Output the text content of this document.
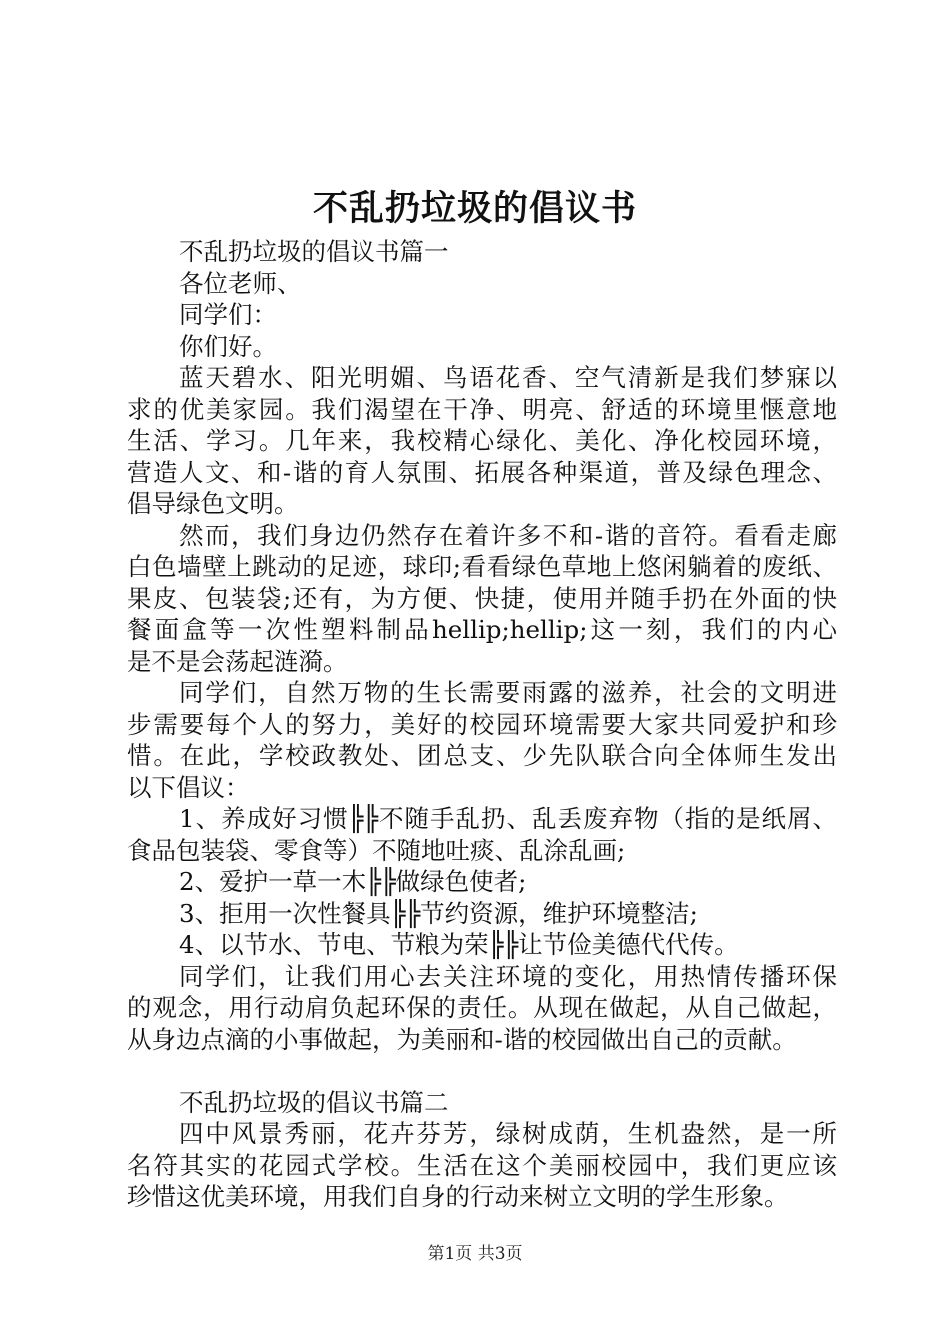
不乱扔垃圾的倡议书
不乱扔垃圾的倡议书篇一
各位老师、
同学们：
你们好。
蓝天碧水、阳光明媚、鸟语花香、空气清新是我们梦寐以
求的优美家园。我们渴望在干净、明亮、舒适的环境里惬意地
生活、学习。几年来，我校精心绿化、美化、净化校园环境，
营造人文、和-谐的育人氛围、拓展各种渠道，普及绿色理念、
倡导绿色文明。
然而，我们身边仍然存在着许多不和-谐的音符。看看走廊
白色墙壁上跳动的足迹，球印;看看绿色草地上悠闲躺着的废纸、
果皮、包装袋;还有，为方便、快捷，使用并随手扔在外面的快
餐面盒等一次性塑料制品hellip;hellip;这一刻，我们的内心
是不是会荡起涟漪。
同学们，自然万物的生长需要雨露的滋养，社会的文明进
步需要每个人的努力，美好的校园环境需要大家共同爱护和珍
惜。在此，学校政教处、团总支、少先队联合向全体师生发出
以下倡议：
1、养成好习惯╠╠不随手乱扔、乱丢废弃物（指的是纸屑、
食品包装袋、零食等）不随地吐痰、乱涂乱画;
2、爱护一草一木╠╠做绿色使者;
3、拒用一次性餐具╠╠节约资源，维护环境整洁;
4、以节水、节电、节粮为荣╠╠让节俭美德代代传。
同学们，让我们用心去关注环境的变化，用热情传播环保
的观念，用行动肩负起环保的责任。从现在做起，从自己做起，
从身边点滴的小事做起，为美丽和-谐的校园做出自己的贡献。
不乱扔垃圾的倡议书篇二
四中风景秀丽，花卉芬芳，绿树成荫，生机盎然，是一所
名符其实的花园式学校。生活在这个美丽校园中，我们更应该
珍惜这优美环境，用我们自身的行动来树立文明的学生形象。
第1页 共3页
